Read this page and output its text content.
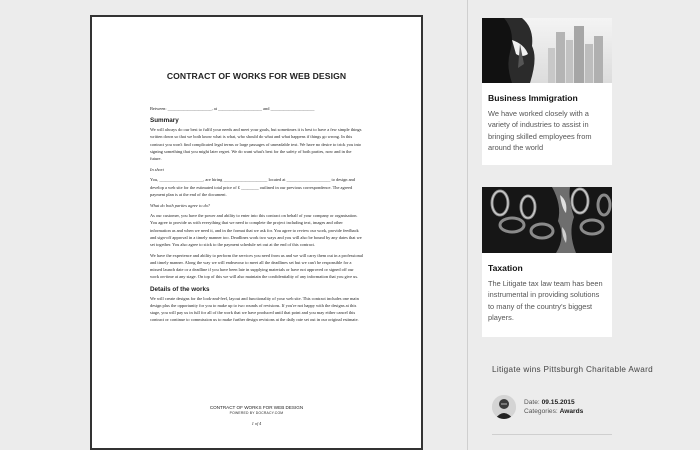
CONTRACT OF WORKS FOR WEB DESIGN

Between: ____________________, at ____________________ and ____________________

Summary

We will always do our best to fulfil your needs and meet your goals, but sometimes it is best to have a few simple things written down so that we both know what is what, who should do what and what happens if things go wrong. In this contract you won't find complicated legal terms or large passages of unreadable text. We have no desire to trick you into signing something that you might later regret. We do want what's best for the safety of both parties, now and in the future.

In short

You, ____________________, are hiring ____________________ located at ____________________ to design and develop a web site for the estimated total price of £ ________ outlined in our previous correspondence. The agreed payment plan is at the end of the document.

What do both parties agree to do?

As our customer, you have the power and ability to enter into this contract on behalf of your company or organisation. You agree to provide us with everything that we need to complete the project including text, images and other information as and when we need it, and in the format that we ask for. You agree to review our work, provide feedback and sign-off approval in a timely manner too. Deadlines work two ways and you will also be bound by any dates that we set together. You also agree to stick to the payment schedule set out at the end of this contract.

We have the experience and ability to perform the services you need from us and we will carry them out in a professional and timely manner. Along the way we will endeavour to meet all the deadlines set but we can't be responsible for a missed launch date or a deadline if you have been late in supplying materials or have not approved or signed off our work on-time at any stage. On top of this we will also maintain the confidentiality of any information that you give us.

Details of the works

We will create designs for the look-and-feel, layout and functionality of your web site. This contract includes one main design plus the opportunity for you to make up to two rounds of revisions. If you're not happy with the designs at this stage, you will pay us in full for all of the work that we have produced until that point and you may either cancel this contract or continue to commission us to make further design revisions at the daily rate set out in our original estimate.

CONTRACT OF WORKS FOR WEB DESIGN
POWERED BY DOCRACY.COM
1 of 4
Business Immigration

We have worked closely with a variety of industries to assist in bringing skilled employees from around the world

Taxation

The Litigate tax law team has been instrumental in providing solutions to many of the country's biggest players.

Litigate wins Pittsburgh Charitable Award
Date: 09.15.2015
Categories: Awards
